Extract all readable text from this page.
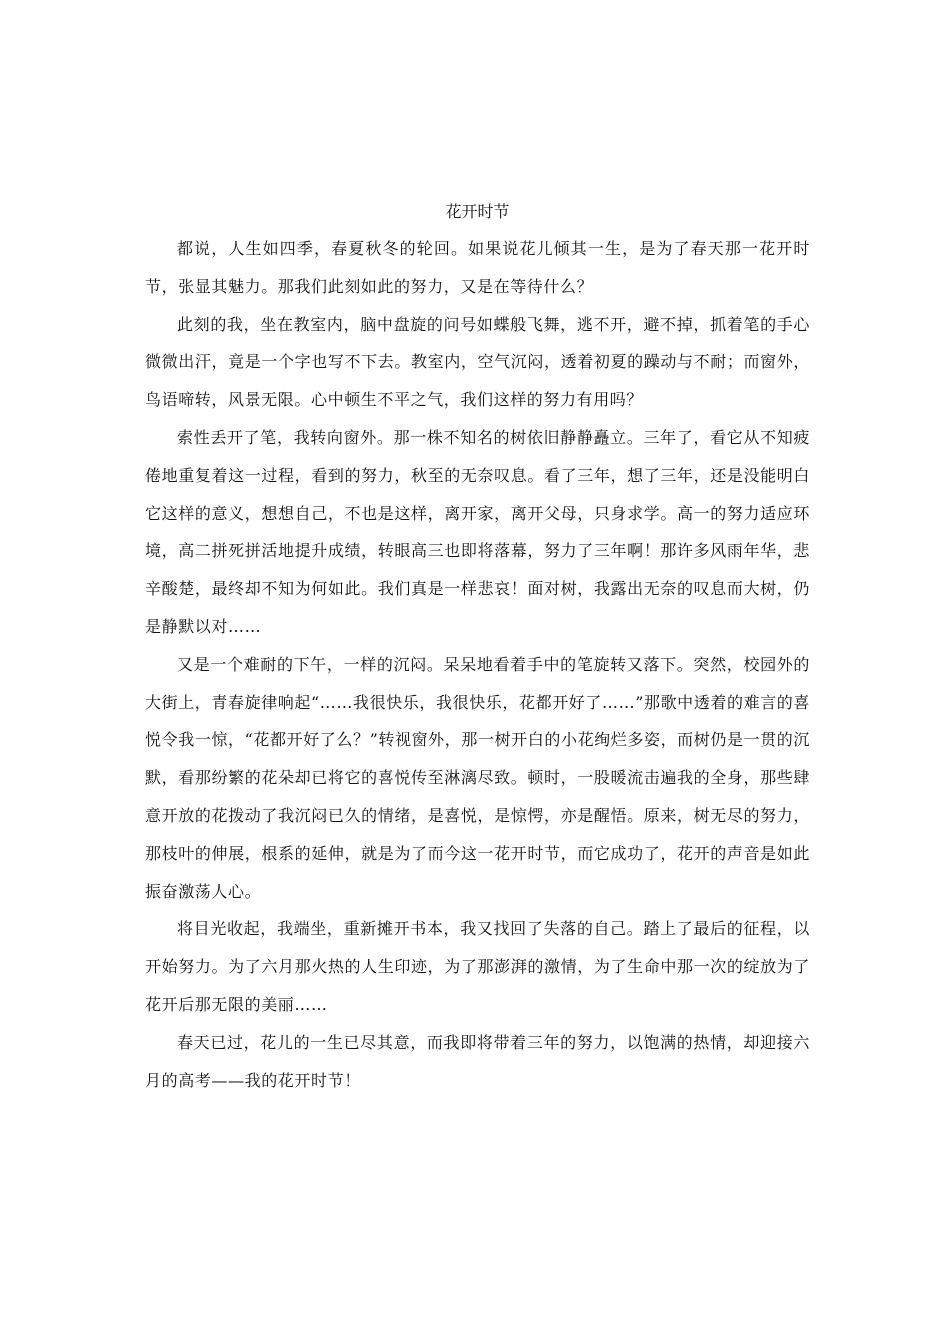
花开时节

都说，人生如四季，春夏秋冬的轮回。如果说花儿倾其一生，是为了春天那一花开时节，张显其魅力。那我们此刻如此的努力，又是在等待什么？

此刻的我，坐在教室内，脑中盘旋的问号如蝶般飞舞，逃不开，避不掉，抓着笔的手心微微出汗，竟是一个字也写不下去。教室内，空气沉闷，透着初夏的躁动与不耐；而窗外，鸟语啼转，风景无限。心中顿生不平之气，我们这样的努力有用吗？

索性丢开了笔，我转向窗外。那一株不知名的树依旧静静矗立。三年了，看它从不知疲倦地重复着这一过程，看到的努力，秋至的无奈叹息。看了三年，想了三年，还是没能明白它这样的意义，想想自己，不也是这样，离开家，离开父母，只身求学。高一的努力适应环境，高二拼死拼活地提升成绩，转眼高三也即将落幕，努力了三年啊！那许多风雨年华，悲辛酸楚，最终却不知为何如此。我们真是一样悲哀！面对树，我露出无奈的叹息而大树，仍是静默以对……

又是一个难耐的下午，一样的沉闷。呆呆地看着手中的笔旋转又落下。突然，校园外的大街上，青春旋律响起“……我很快乐，我很快乐，花都开好了……”那歌中透着的难言的喜悦令我一惊，“花都开好了么？”转视窗外，那一树开白的小花绚烂多姿，而树仍是一贯的沉默，看那纷繁的花朵却已将它的喜悦传至淋漓尽致。顿时，一股暖流击遍我的全身，那些肆意开放的花拨动了我沉闷已久的情绪，是喜悦，是惊愕，亦是醒悟。原来，树无尽的努力，那枝叶的伸展，根系的延伸，就是为了而今这一花开时节，而它成功了，花开的声音是如此振奋激荡人心。

将目光收起，我端坐，重新摊开书本，我又找回了失落的自己。踏上了最后的征程，以开始努力。为了六月那火热的人生印迹，为了那澎湃的激情，为了生命中那一次的绽放为了花开后那无限的美丽……

春天已过，花儿的一生已尽其意，而我即将带着三年的努力，以饱满的热情，却迎接六月的高考——我的花开时节！
